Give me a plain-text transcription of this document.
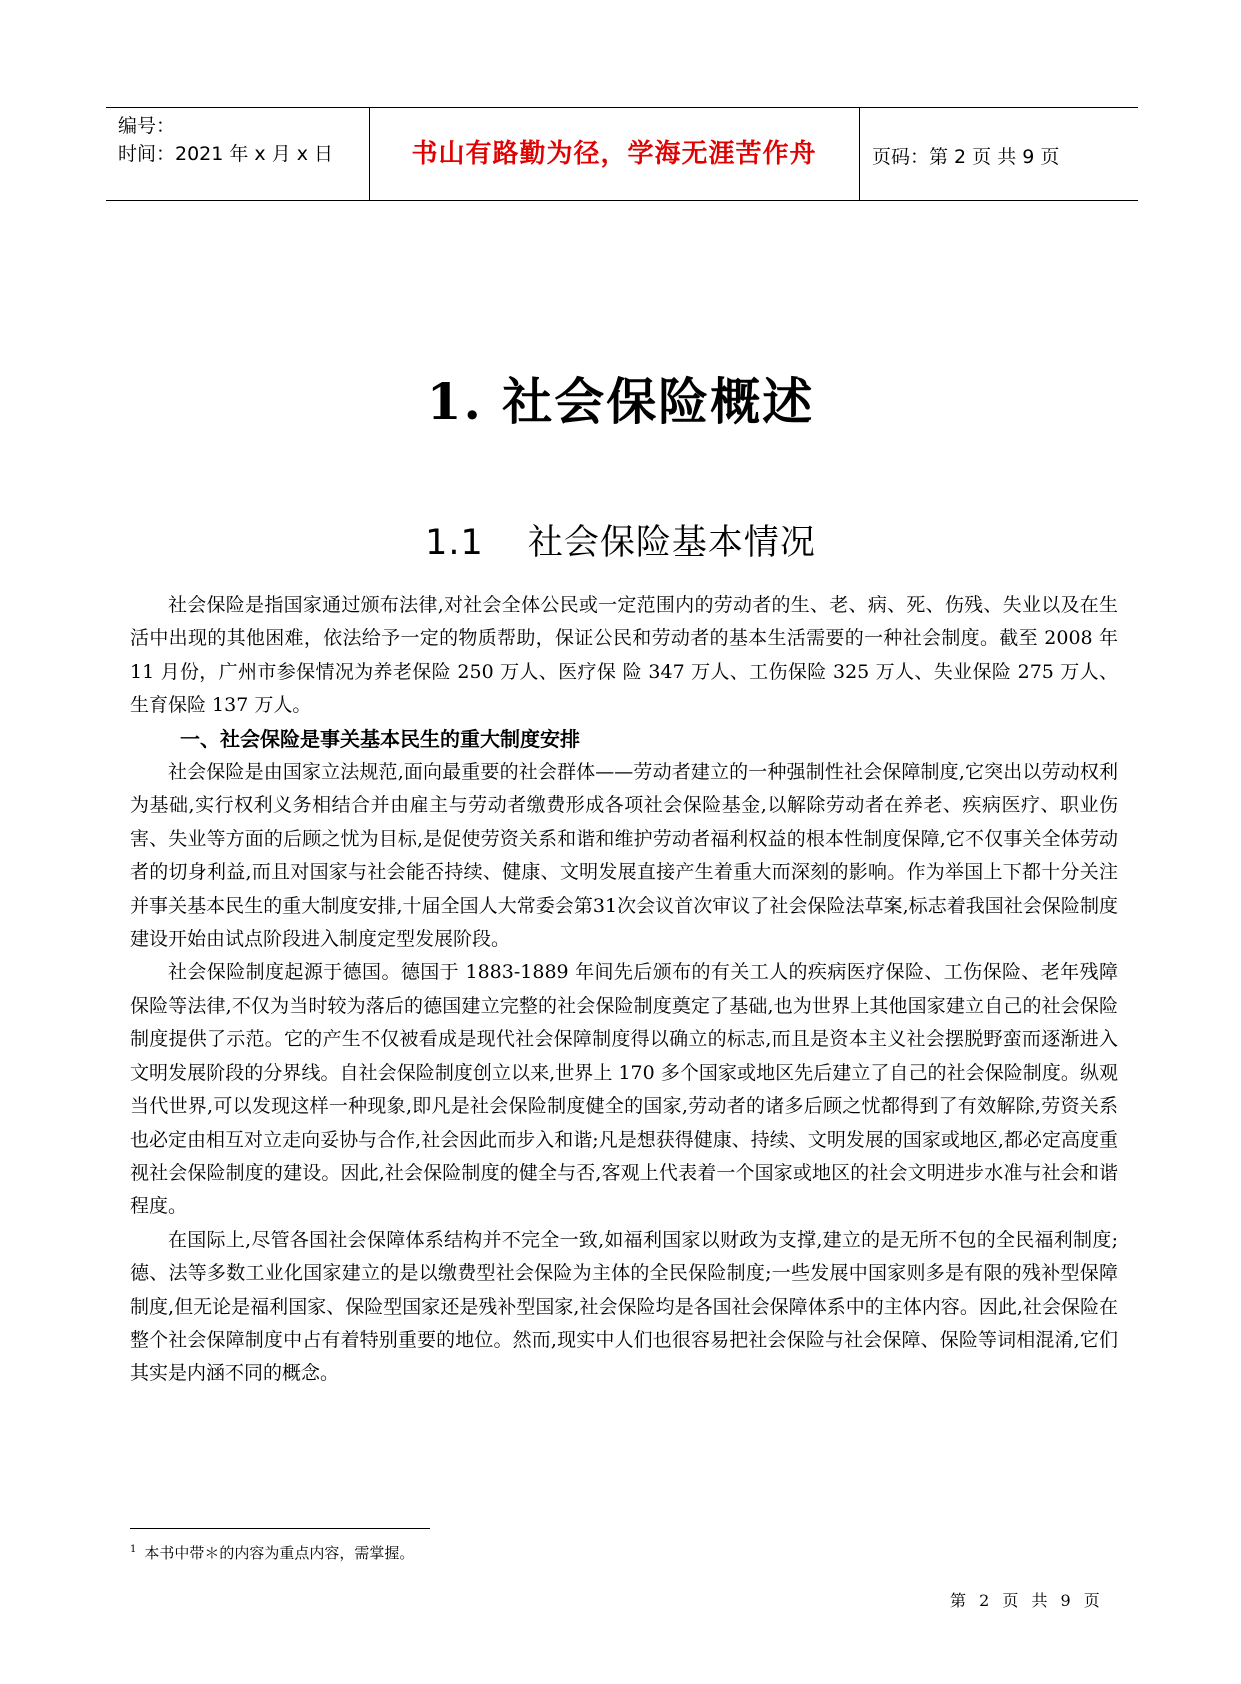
编号：
时间：2021 年 x 月 x 日	书山有路勤为径，学海无涯苦作舟	页码：第 2 页 共 9 页
1. 社会保险概述
1.1 社会保险基本情况

社会保险是指国家通过颁布法律,对社会全体公民或一定范围内的劳动者的生、老、病、死、伤残、失业以及在生活中出现的其他困难，依法给予一定的物质帮助，保证公民和劳动者的基本生活需要的一种社会制度。截至 2008 年 11 月份，广州市参保情况为养老保险 250 万人、医疗保 险 347 万人、工伤保险 325 万人、失业保险 275 万人、生育保险 137 万人。

一、社会保险是事关基本民生的重大制度安排

社会保险是由国家立法规范,面向最重要的社会群体——劳动者建立的一种强制性社会保障制度,它突出以劳动权利为基础,实行权利义务相结合并由雇主与劳动者缴费形成各项社会保险基金,以解除劳动者在养老、疾病医疗、职业伤害、失业等方面的后顾之忧为目标,是促使劳资关系和谐和维护劳动者福利权益的根本性制度保障,它不仅事关全体劳动者的切身利益,而且对国家与社会能否持续、健康、文明发展直接产生着重大而深刻的影响。作为举国上下都十分关注并事关基本民生的重大制度安排,十届全国人大常委会第31次会议首次审议了社会保险法草案,标志着我国社会保险制度建设开始由试点阶段进入制度定型发展阶段。

社会保险制度起源于德国。德国于 1883-1889 年间先后颁布的有关工人的疾病医疗保险、工伤保险、老年残障保险等法律,不仅为当时较为落后的德国建立完整的社会保险制度奠定了基础,也为世界上其他国家建立自己的社会保险制度提供了示范。它的产生不仅被看成是现代社会保障制度得以确立的标志,而且是资本主义社会摆脱野蛮而逐渐进入文明发展阶段的分界线。自社会保险制度创立以来,世界上 170 多个国家或地区先后建立了自己的社会保险制度。纵观当代世界,可以发现这样一种现象,即凡是社会保险制度健全的国家,劳动者的诸多后顾之忧都得到了有效解除,劳资关系也必定由相互对立走向妥协与合作,社会因此而步入和谐;凡是想获得健康、持续、文明发展的国家或地区,都必定高度重视社会保险制度的建设。因此,社会保险制度的健全与否,客观上代表着一个国家或地区的社会文明进步水准与社会和谐程度。

在国际上,尽管各国社会保障体系结构并不完全一致,如福利国家以财政为支撑,建立的是无所不包的全民福利制度;德、法等多数工业化国家建立的是以缴费型社会保险为主体的全民保险制度;一些发展中国家则多是有限的残补型保障制度,但无论是福利国家、保险型国家还是残补型国家,社会保险均是各国社会保障体系中的主体内容。因此,社会保险在整个社会保障制度中占有着特别重要的地位。然而,现实中人们也很容易把社会保险与社会保障、保险等词相混淆,它们其实是内涵不同的概念。

$^1$ 本书中带＊的内容为重点内容，需掌握。
第 2 页 共 9 页
